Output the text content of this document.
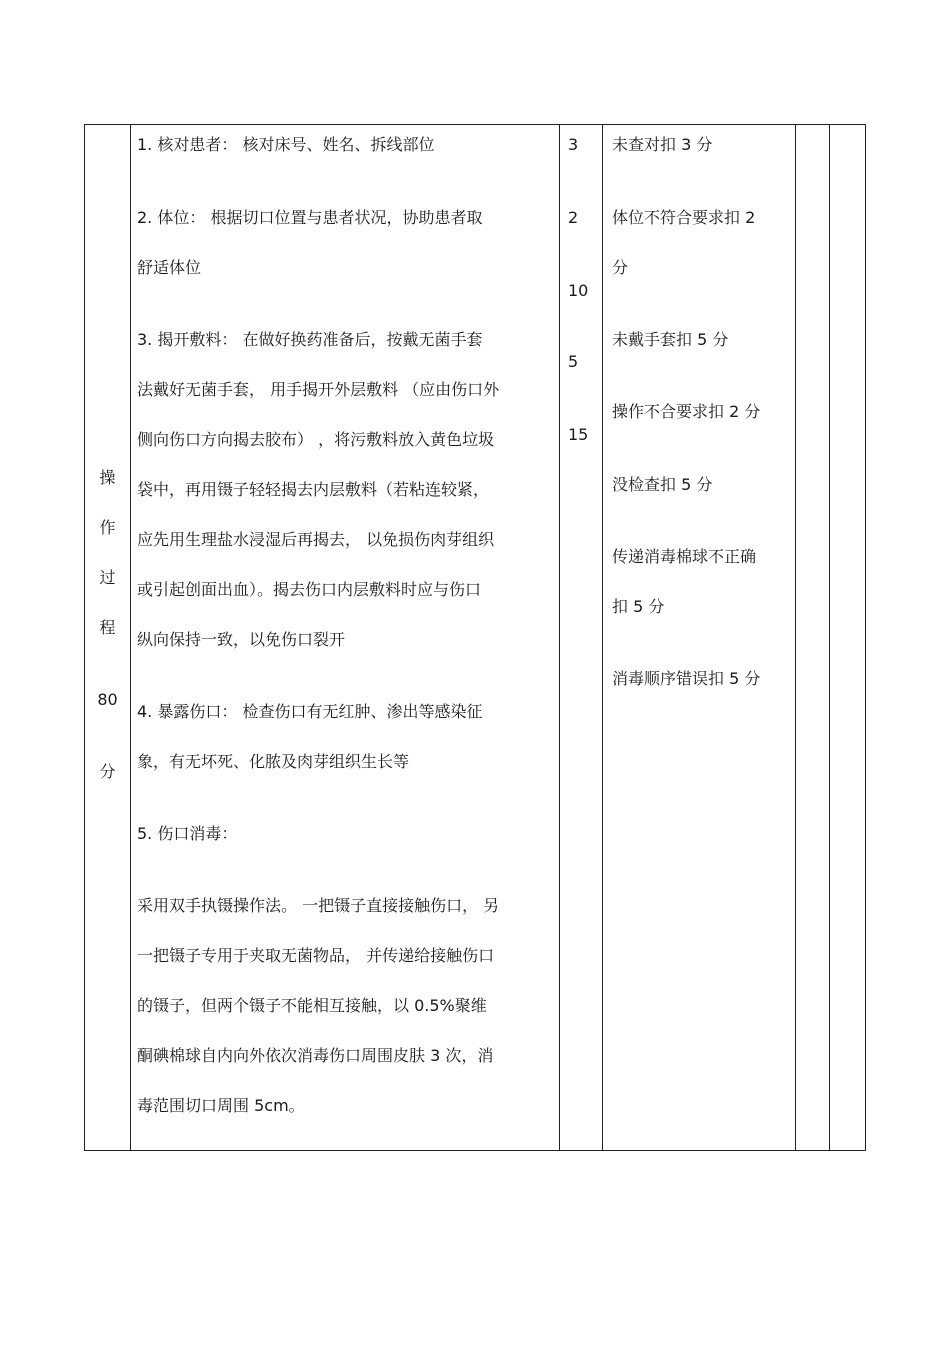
操
作
过
程
80
分
1. 核对患者： 核对床号、姓名、拆线部位
2. 体位： 根据切口位置与患者状况，协助患者取
舒适体位
3. 揭开敷料： 在做好换药准备后，按戴无菌手套
法戴好无菌手套， 用手揭开外层敷料 （应由伤口外
侧向伤口方向揭去胶布） ，将污敷料放入黄色垃圾
袋中，再用镊子轻轻揭去内层敷料（若粘连较紧，
应先用生理盐水浸湿后再揭去， 以免损伤肉芽组织
或引起创面出血）。揭去伤口内层敷料时应与伤口
纵向保持一致，以免伤口裂开
4. 暴露伤口： 检查伤口有无红肿、渗出等感染征
象，有无坏死、化脓及肉芽组织生长等
5. 伤口消毒：
采用双手执镊操作法。 一把镊子直接接触伤口， 另
一把镊子专用于夹取无菌物品， 并传递给接触伤口
的镊子，但两个镊子不能相互接触，以 0.5%聚维
酮碘棉球自内向外依次消毒伤口周围皮肤 3 次，消
毒范围切口周围 5cm。
3
2
10
5
15
未查对扣 3 分
体位不符合要求扣 2
分
未戴手套扣 5 分
操作不合要求扣 2 分
没检查扣 5 分
传递消毒棉球不正确
扣 5 分
消毒顺序错误扣 5 分
